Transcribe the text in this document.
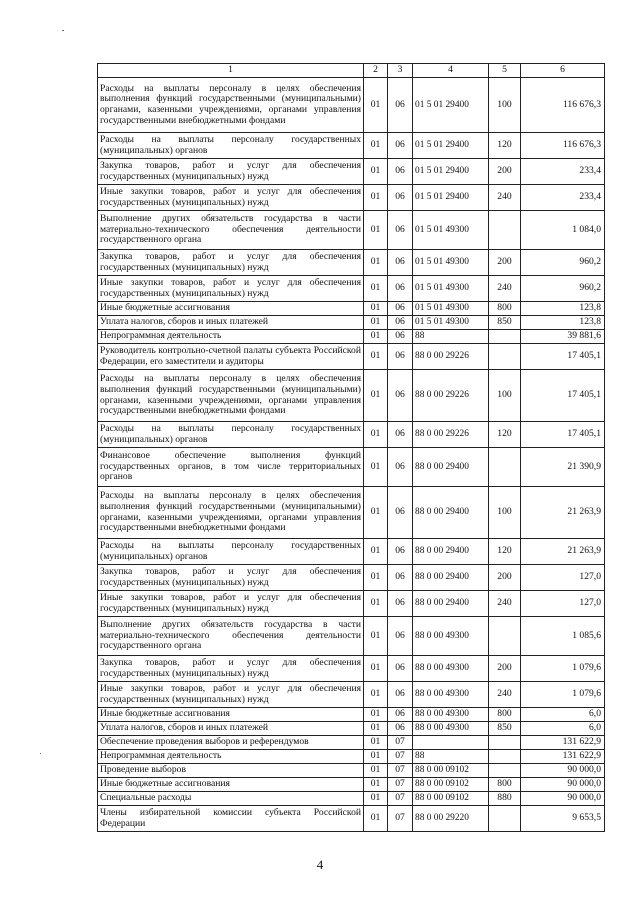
1	2	3	4	5	6
Расходы на выплаты персоналу в целях обеспечения выполнения функций государственными (муниципальными) органами, казенными учреждениями, органами управления государственными внебюджетными фондами	01	06	01 5 01 29400	100	116 676,3
Расходы на выплаты персоналу государственных (муниципальных) органов	01	06	01 5 01 29400	120	116 676,3
Закупка товаров, работ и услуг для обеспечения государственных (муниципальных) нужд	01	06	01 5 01 29400	200	233,4
Иные закупки товаров, работ и услуг для обеспечения государственных (муниципальных) нужд	01	06	01 5 01 29400	240	233,4
Выполнение других обязательств государства в части материально-технического обеспечения деятельности государственного органа	01	06	01 5 01 49300		1 084,0
Закупка товаров, работ и услуг для обеспечения государственных (муниципальных) нужд	01	06	01 5 01 49300	200	960,2
Иные закупки товаров, работ и услуг для обеспечения государственных (муниципальных) нужд	01	06	01 5 01 49300	240	960,2
Иные бюджетные ассигнования	01	06	01 5 01 49300	800	123,8
Уплата налогов, сборов и иных платежей	01	06	01 5 01 49300	850	123,8
Непрограммная деятельность	01	06	88		39 881,6
Руководитель контрольно-счетной палаты субъекта Российской Федерации, его заместители и аудиторы	01	06	88 0 00 29226		17 405,1
Расходы на выплаты персоналу в целях обеспечения выполнения функций государственными (муниципальными) органами, казенными учреждениями, органами управления государственными внебюджетными фондами	01	06	88 0 00 29226	100	17 405,1
Расходы на выплаты персоналу государственных (муниципальных) органов	01	06	88 0 00 29226	120	17 405,1
Финансовое обеспечение выполнения функций государственных органов, в том числе территориальных органов	01	06	88 0 00 29400		21 390,9
Расходы на выплаты персоналу в целях обеспечения выполнения функций государственными (муниципальными) органами, казенными учреждениями, органами управления государственными внебюджетными фондами	01	06	88 0 00 29400	100	21 263,9
Расходы на выплаты персоналу государственных (муниципальных) органов	01	06	88 0 00 29400	120	21 263,9
Закупка товаров, работ и услуг для обеспечения государственных (муниципальных) нужд	01	06	88 0 00 29400	200	127,0
Иные закупки товаров, работ и услуг для обеспечения государственных (муниципальных) нужд	01	06	88 0 00 29400	240	127,0
Выполнение других обязательств государства в части материально-технического обеспечения деятельности государственного органа	01	06	88 0 00 49300		1 085,6
Закупка товаров, работ и услуг для обеспечения государственных (муниципальных) нужд	01	06	88 0 00 49300	200	1 079,6
Иные закупки товаров, работ и услуг для обеспечения государственных (муниципальных) нужд	01	06	88 0 00 49300	240	1 079,6
Иные бюджетные ассигнования	01	06	88 0 00 49300	800	6,0
Уплата налогов, сборов и иных платежей	01	06	88 0 00 49300	850	6,0
Обеспечение проведения выборов и референдумов	01	07			131 622,9
Непрограммная деятельность	01	07	88		131 622,9
Проведение выборов	01	07	88 0 00 09102		90 000,0
Иные бюджетные ассигнования	01	07	88 0 00 09102	800	90 000,0
Специальные расходы	01	07	88 0 00 09102	880	90 000,0
Члены избирательной комиссии субъекта Российской Федерации	01	07	88 0 00 29220		9 653,5
4
